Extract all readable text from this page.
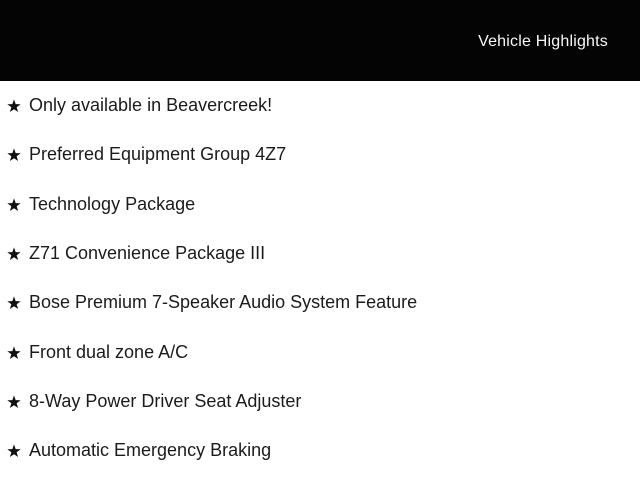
Vehicle Highlights
Only available in Beavercreek!
Preferred Equipment Group 4Z7
Technology Package
Z71 Convenience Package III
Bose Premium 7-Speaker Audio System Feature
Front dual zone A/C
8-Way Power Driver Seat Adjuster
Automatic Emergency Braking
